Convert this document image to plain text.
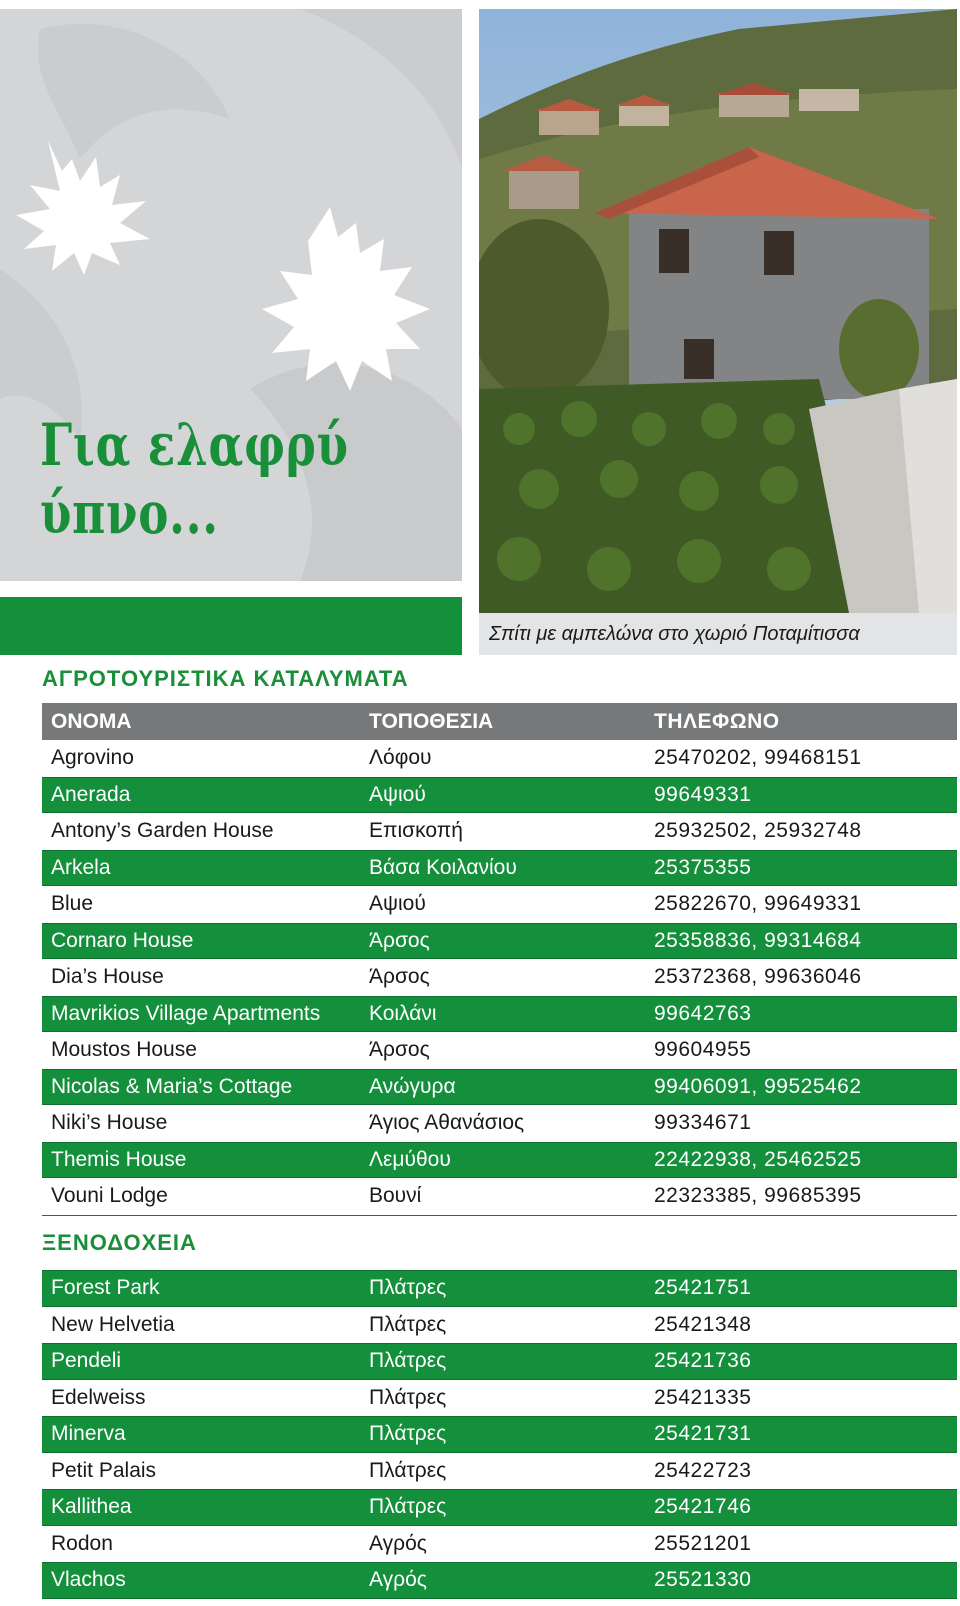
Για ελαφρύ
ύπνο...
Σπίτι με αμπελώνα στο χωριό Ποταμίτισσα
ΑΓΡΟΤΟΥΡΙΣΤΙΚΑ ΚΑΤΑΛΥΜΑΤΑ
ΟΝΟΜΑ	ΤΟΠΟΘΕΣΙΑ	ΤΗΛΕΦΩΝΟ
Agrovino	Λόφου	25470202, 99468151
Anerada	Αψιού	99649331
Antony’s Garden House	Επισκοπή	25932502, 25932748
Arkela	Βάσα Κοιλανίου	25375355
Blue	Αψιού	25822670, 99649331
Cornaro House	Άρσος	25358836, 99314684
Dia’s House	Άρσος	25372368, 99636046
Mavrikios Village Apartments	Κοιλάνι	99642763
Moustos House	Άρσος	99604955
Nicolas & Maria’s Cottage	Ανώγυρα	99406091, 99525462
Niki’s House	Άγιος Αθανάσιος	99334671
Themis House	Λεμύθου	22422938, 25462525
Vouni Lodge	Βουνί	22323385, 99685395
ΞΕΝΟΔΟΧΕΙΑ
Forest Park	Πλάτρες	25421751
New Helvetia	Πλάτρες	25421348
Pendeli	Πλάτρες	25421736
Edelweiss	Πλάτρες	25421335
Minerva	Πλάτρες	25421731
Petit Palais	Πλάτρες	25422723
Kallithea	Πλάτρες	25421746
Rodon	Αγρός	25521201
Vlachos	Αγρός	25521330
